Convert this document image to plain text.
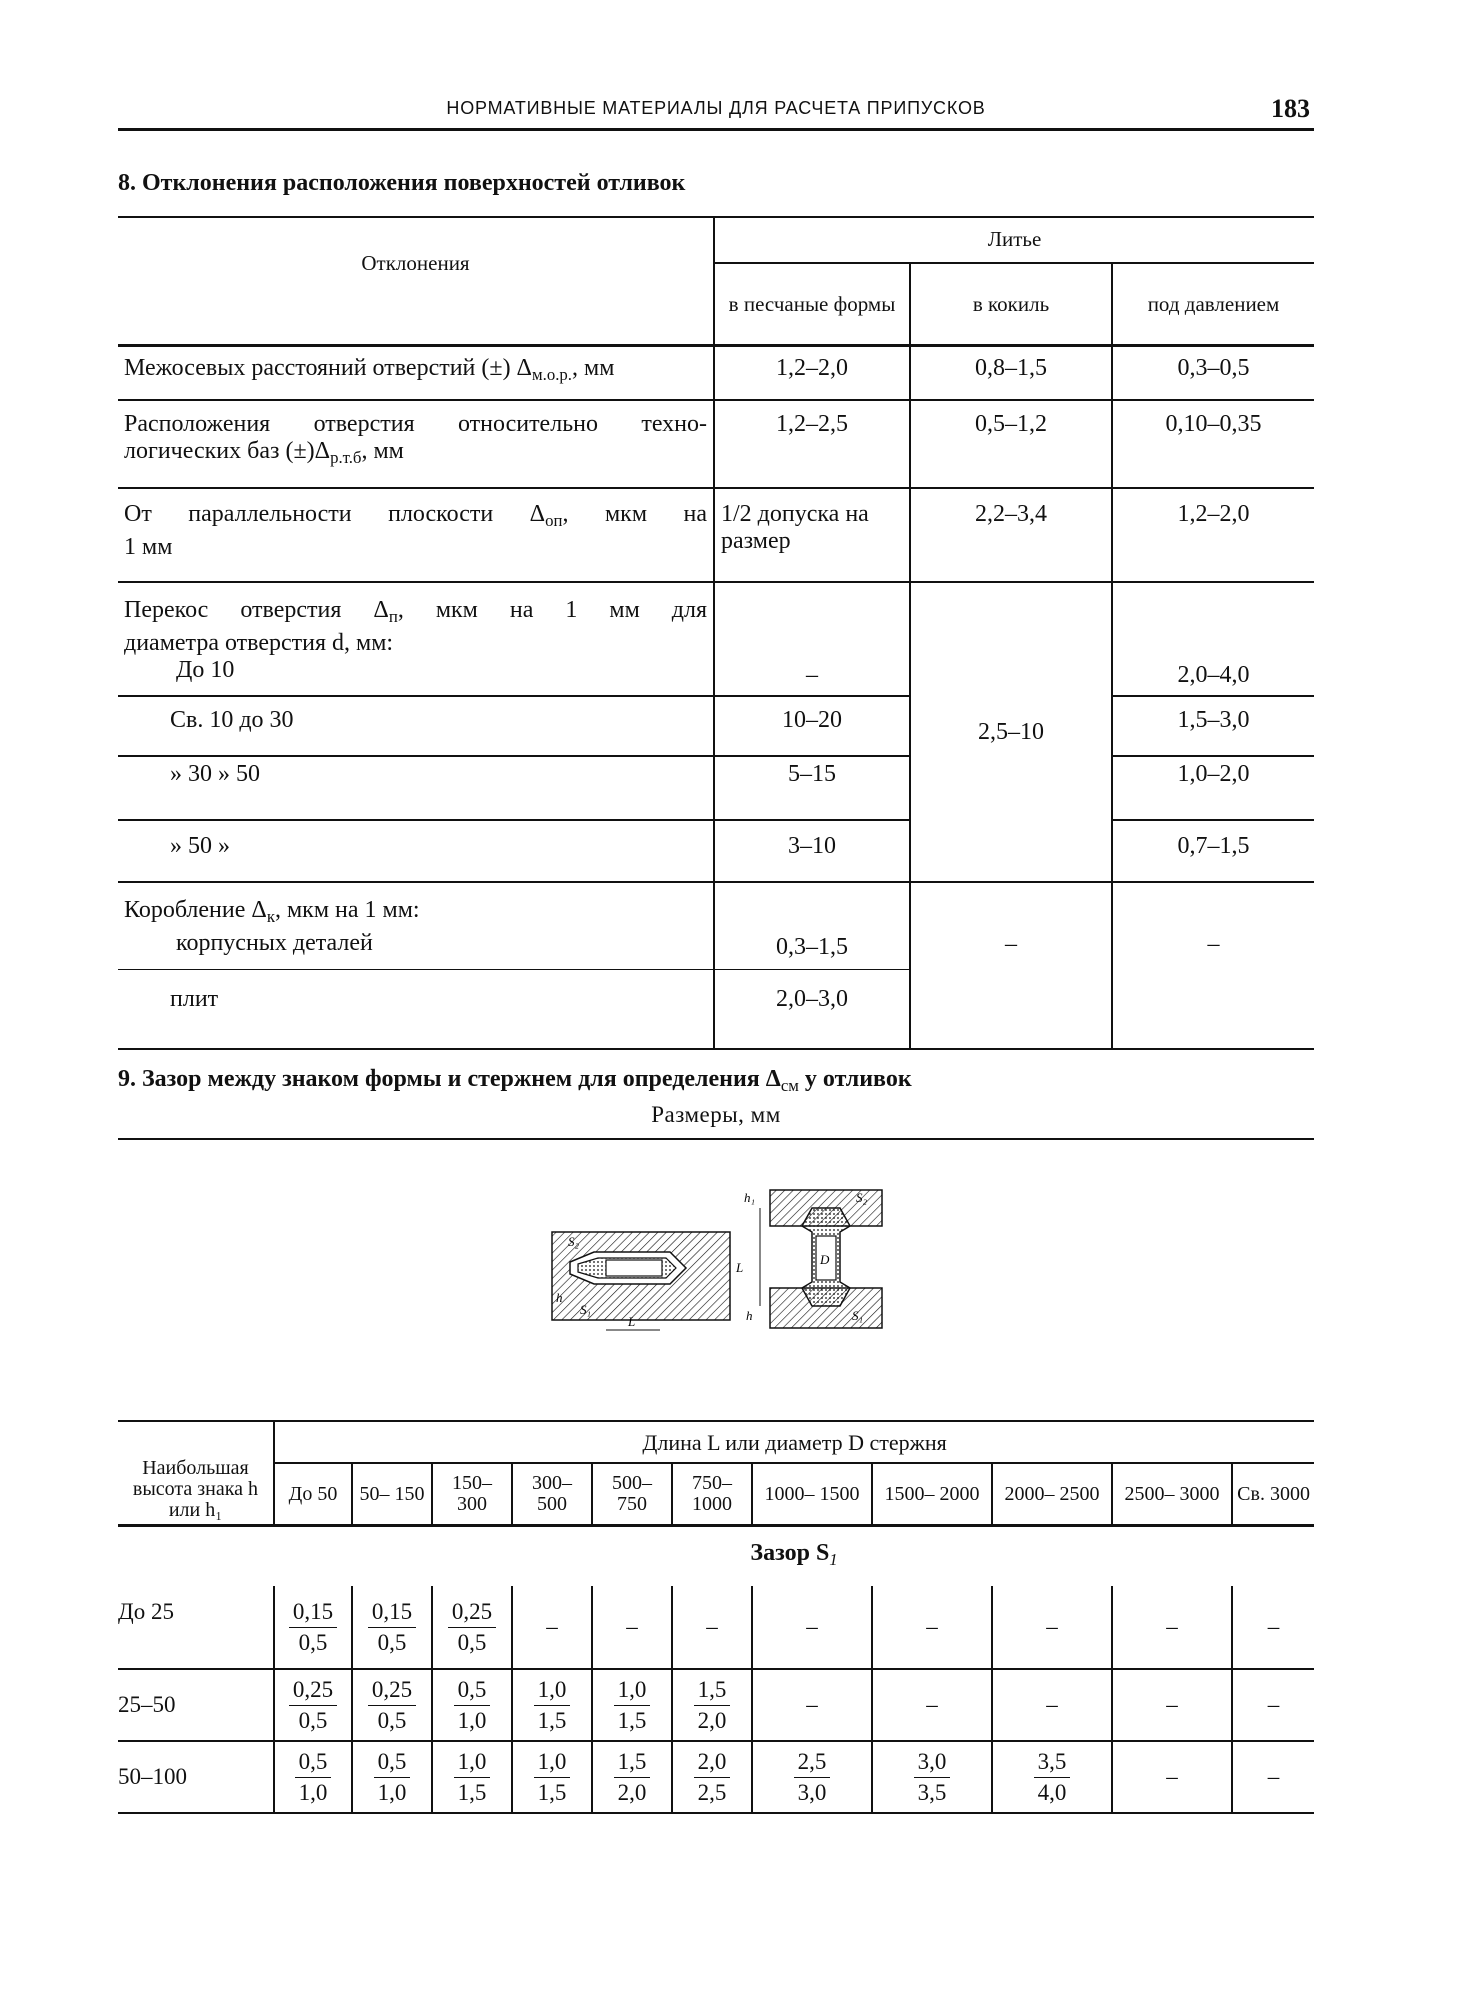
НОРМАТИВНЫЕ МАТЕРИАЛЫ ДЛЯ РАСЧЕТА ПРИПУСКОВ	183
8. Отклонения расположения поверхностей отливок
Отклонения	Литье		
	в песчаные формы	в кокиль	под давлением
Межосевых расстояний отверстий (±) $\Delta_{м.о.р.}$, мм	1,2–2,0	0,8–1,5	0,3–0,5

Расположения отверстия относительно техно-
логических баз $(\pm)\Delta_{р.т.б}$, мм	1,2–2,5	0,5–1,2	0,10–0,35

От параллельности плоскости $\Delta_{оп}$, мкм на
1 мм	1/2 допуска на размер	2,2–3,4	1,2–2,0

Перекос отверстия $\Delta_п$, мкм на 1 мм для
диаметра отверстия d, мм:
До 10	–	2,5–10	2,0–4,0
Св. 10 до 30	10–20		1,5–3,0
» 30 » 50	5–15		1,0–2,0
» 50 »	3–10		0,7–1,5

Коробление $\Delta_к$, мкм на 1 мм:
корпусных деталей	0,3–1,5	–	–
плит	2,0–3,0		
9. Зазор между знаком формы и стержнем для определения $\Delta_{см}$ у отливок
Размеры, мм
h₁	S₂
S₂
h
S₁
L
L
D
h	S₁
Наибольшая высота знака h или h₁	Длина L или диаметр D стержня										
	До 50	50– 150	150– 300	300– 500	500– 750	750– 1000	1000– 1500	1500– 2000	2000– 2500	2500– 3000	Св. 3000
	Зазор $S_1$
До 25	$\frac{0,15}{0,5}$	$\frac{0,15}{0,5}$	$\frac{0,25}{0,5}$	–	–	–	–	–	–	–	–
25–50	$\frac{0,25}{0,5}$	$\frac{0,25}{0,5}$	$\frac{0,5}{1,0}$	$\frac{1,0}{1,5}$	$\frac{1,0}{1,5}$	$\frac{1,5}{2,0}$	–	–	–	–	–
50–100	$\frac{0,5}{1,0}$	$\frac{0,5}{1,0}$	$\frac{1,0}{1,5}$	$\frac{1,0}{1,5}$	$\frac{1,5}{2,0}$	$\frac{2,0}{2,5}$	$\frac{2,5}{3,0}$	$\frac{3,0}{3,5}$	$\frac{3,5}{4,0}$	–	–
